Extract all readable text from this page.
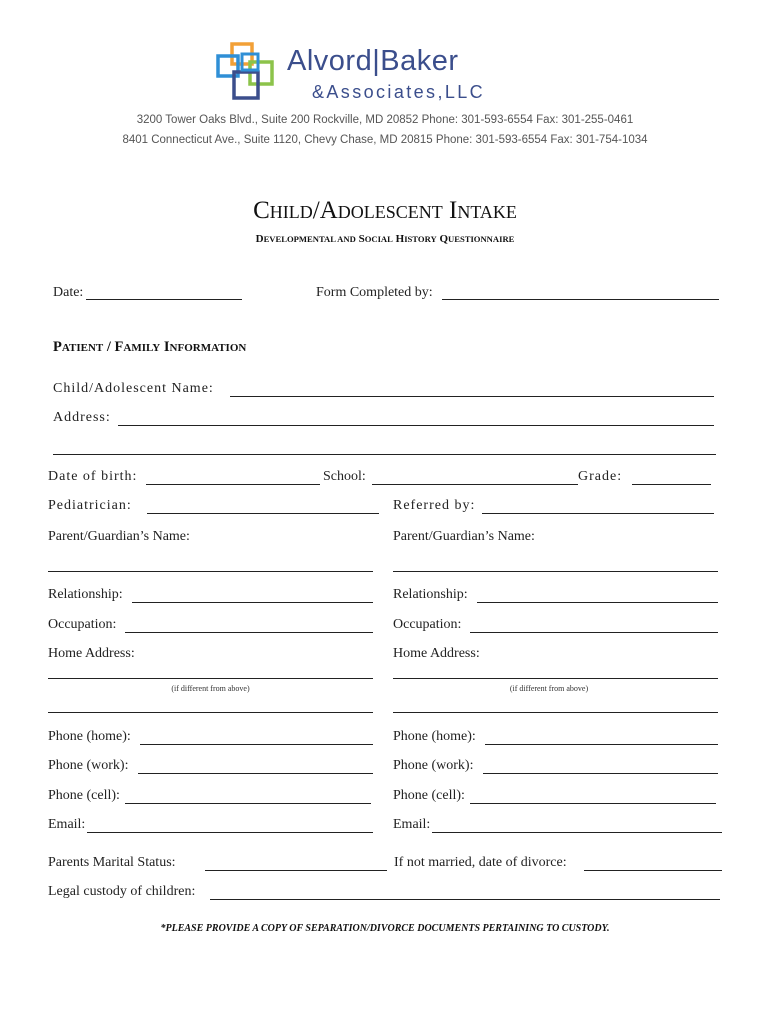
Alvord|Baker
&Associates,LLC
3200 Tower Oaks Blvd., Suite 200 Rockville, MD 20852 Phone: 301-593-6554 Fax: 301-255-0461
8401 Connecticut Ave., Suite 1120, Chevy Chase, MD 20815 Phone: 301-593-6554 Fax: 301-754-1034
CHILD/ADOLESCENT INTAKE
DEVELOPMENTAL AND SOCIAL HISTORY QUESTIONNAIRE
Date:	Form Completed by:
PATIENT / FAMILY INFORMATION
Child/Adolescent Name:
Address:
Date of birth:	School:	Grade:
Pediatrician:	Referred by:
Parent/Guardian’s Name:	Parent/Guardian’s Name:
Relationship:	Relationship:
Occupation:	Occupation:
Home Address:
(if different from above)
Home Address:
(if different from above)
Phone (home):	Phone (home):
Phone (work):	Phone (work):
Phone (cell):	Phone (cell):
Email:	Email:
Parents Marital Status:	If not married, date of divorce:
Legal custody of children:
*PLEASE PROVIDE A COPY OF SEPARATION/DIVORCE DOCUMENTS PERTAINING TO CUSTODY.
